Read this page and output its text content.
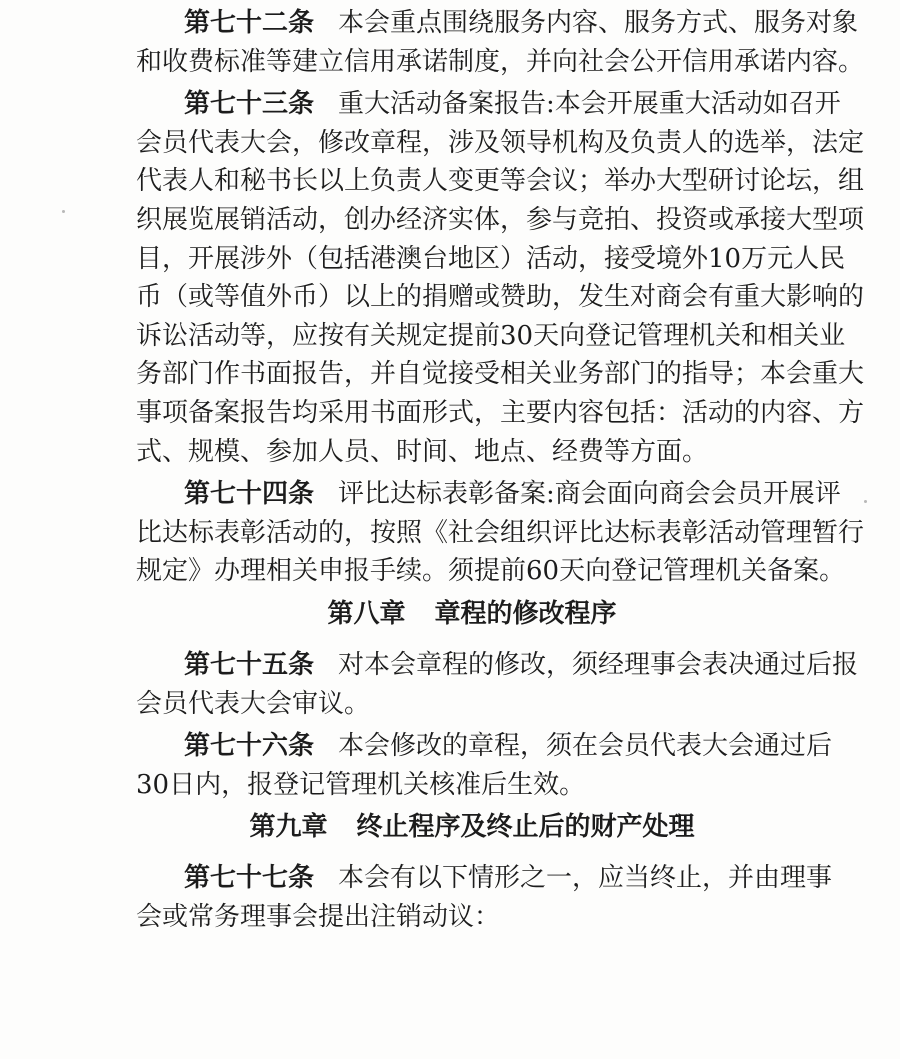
第七十二条 本会重点围绕服务内容、服务方式、服务对象
和收费标准等建立信用承诺制度，并向社会公开信用承诺内容。
第七十三条 重大活动备案报告:本会开展重大活动如召开
会员代表大会，修改章程，涉及领导机构及负责人的选举，法定
代表人和秘书长以上负责人变更等会议；举办大型研讨论坛，组
织展览展销活动，创办经济实体，参与竞拍、投资或承接大型项
目，开展涉外（包括港澳台地区）活动，接受境外10万元人民
币（或等值外币）以上的捐赠或赞助，发生对商会有重大影响的
诉讼活动等，应按有关规定提前30天向登记管理机关和相关业
务部门作书面报告，并自觉接受相关业务部门的指导；本会重大
事项备案报告均采用书面形式，主要内容包括：活动的内容、方
式、规模、参加人员、时间、地点、经费等方面。
第七十四条 评比达标表彰备案:商会面向商会会员开展评
比达标表彰活动的，按照《社会组织评比达标表彰活动管理暂行
规定》办理相关申报手续。须提前60天向登记管理机关备案。
第八章 章程的修改程序
第七十五条 对本会章程的修改，须经理事会表决通过后报
会员代表大会审议。
第七十六条 本会修改的章程，须在会员代表大会通过后
30日内，报登记管理机关核准后生效。
第九章 终止程序及终止后的财产处理
第七十七条 本会有以下情形之一，应当终止，并由理事
会或常务理事会提出注销动议：
